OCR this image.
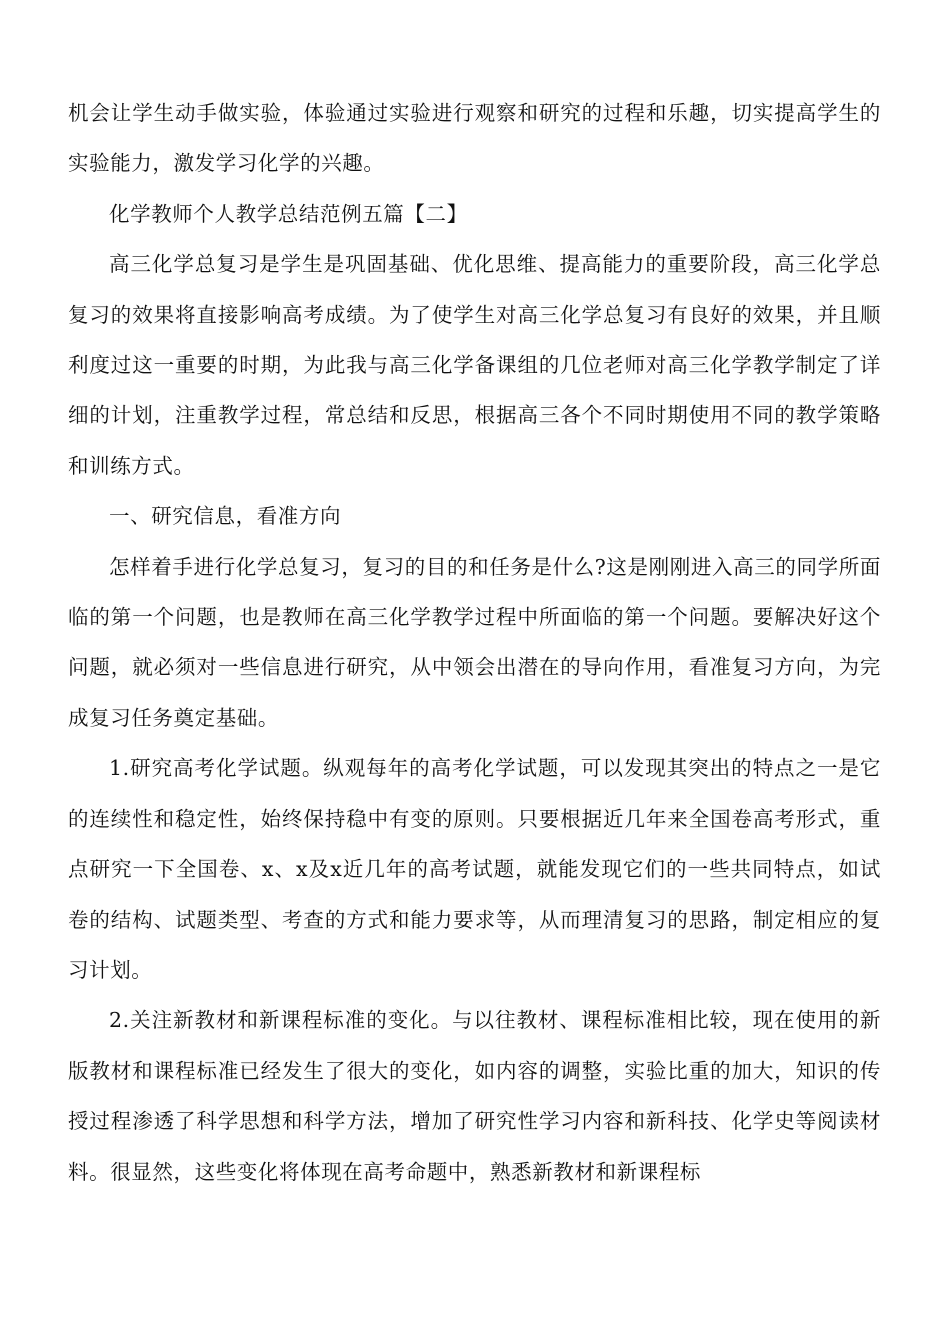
机会让学生动手做实验，体验通过实验进行观察和研究的过程和乐趣，切实提高学生的实验能力，激发学习化学的兴趣。

化学教师个人教学总结范例五篇【二】

高三化学总复习是学生是巩固基础、优化思维、提高能力的重要阶段，高三化学总复习的效果将直接影响高考成绩。为了使学生对高三化学总复习有良好的效果，并且顺利度过这一重要的时期，为此我与高三化学备课组的几位老师对高三化学教学制定了详细的计划，注重教学过程，常总结和反思，根据高三各个不同时期使用不同的教学策略和训练方式。

一、研究信息，看准方向

怎样着手进行化学总复习，复习的目的和任务是什么?这是刚刚进入高三的同学所面临的第一个问题，也是教师在高三化学教学过程中所面临的第一个问题。要解决好这个问题，就必须对一些信息进行研究，从中领会出潜在的导向作用，看准复习方向，为完成复习任务奠定基础。

1.研究高考化学试题。纵观每年的高考化学试题，可以发现其突出的特点之一是它的连续性和稳定性，始终保持稳中有变的原则。只要根据近几年来全国卷高考形式，重点研究一下全国卷、x、x及x近几年的高考试题，就能发现它们的一些共同特点，如试卷的结构、试题类型、考查的方式和能力要求等，从而理清复习的思路，制定相应的复习计划。

2.关注新教材和新课程标准的变化。与以往教材、课程标准相比较，现在使用的新版教材和课程标准已经发生了很大的变化，如内容的调整，实验比重的加大，知识的传授过程渗透了科学思想和科学方法，增加了研究性学习内容和新科技、化学史等阅读材料。很显然，这些变化将体现在高考命题中，熟悉新教材和新课程标
